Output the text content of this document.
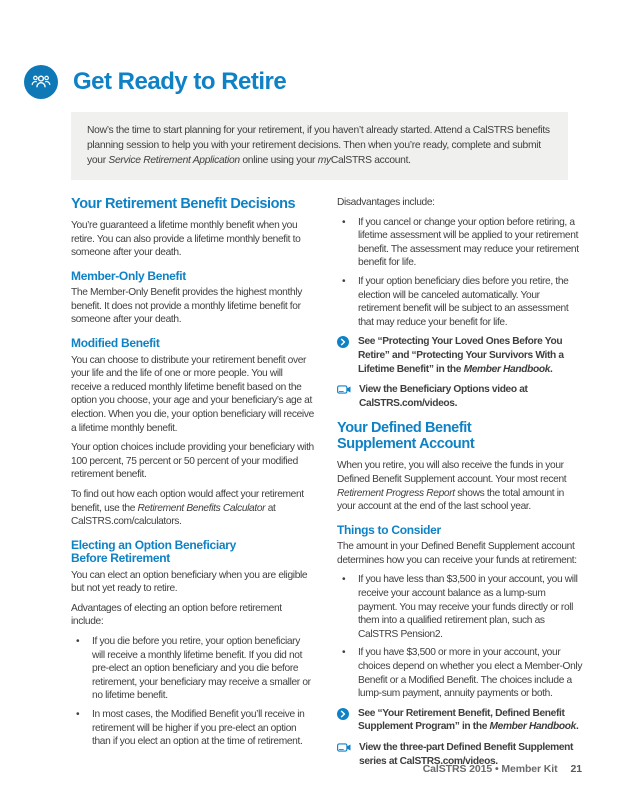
Get Ready to Retire

Now’s the time to start planning for your retirement, if you haven’t already started. Attend a CalSTRS benefits planning session to help you with your retirement decisions. Then when you’re ready, complete and submit your Service Retirement Application online using your myCalSTRS account.

Your Retirement Benefit Decisions

You’re guaranteed a lifetime monthly benefit when you retire. You can also provide a lifetime monthly benefit to someone after your death.

Member-Only Benefit

The Member-Only Benefit provides the highest monthly benefit. It does not provide a monthly lifetime benefit for someone after your death.

Modified Benefit

You can choose to distribute your retirement benefit over your life and the life of one or more people. You will receive a reduced monthly lifetime benefit based on the option you choose, your age and your beneficiary’s age at election. When you die, your option beneficiary will receive a lifetime monthly benefit.

Your option choices include providing your beneficiary with 100 percent, 75 percent or 50 percent of your modified retirement benefit.

To find out how each option would affect your retirement benefit, use the Retirement Benefits Calculator at CalSTRS.com/calculators.

Electing an Option Beneficiary
Before Retirement

You can elect an option beneficiary when you are eligible but not yet ready to retire.

Advantages of electing an option before retirement include:

• If you die before you retire, your option beneficiary will receive a monthly lifetime benefit. If you did not pre-elect an option beneficiary and you die before retirement, your beneficiary may receive a smaller or no lifetime benefit.
• In most cases, the Modified Benefit you’ll receive in retirement will be higher if you pre-elect an option than if you elect an option at the time of retirement.

Disadvantages include:

• If you cancel or change your option before retiring, a lifetime assessment will be applied to your retirement benefit. The assessment may reduce your retirement benefit for life.
• If your option beneficiary dies before you retire, the election will be canceled automatically. Your retirement benefit will be subject to an assessment that may reduce your benefit for life.
See “Protecting Your Loved Ones Before You Retire” and “Protecting Your Survivors With a Lifetime Benefit” in the Member Handbook.
View the Beneficiary Options video at CalSTRS.com/videos.
Your Defined Benefit
Supplement Account

When you retire, you will also receive the funds in your Defined Benefit Supplement account. Your most recent Retirement Progress Report shows the total amount in your account at the end of the last school year.

Things to Consider

The amount in your Defined Benefit Supplement account determines how you can receive your funds at retirement:

• If you have less than $3,500 in your account, you will receive your account balance as a lump-sum payment. You may receive your funds directly or roll them into a qualified retirement plan, such as CalSTRS Pension2.
• If you have $3,500 or more in your account, your choices depend on whether you elect a Member-Only Benefit or a Modified Benefit. The choices include a lump-sum payment, annuity payments or both.
See “Your Retirement Benefit, Defined Benefit Supplement Program” in the Member Handbook.
View the three-part Defined Benefit Supplement series at CalSTRS.com/videos.
CalSTRS 2015 • Member Kit 21
